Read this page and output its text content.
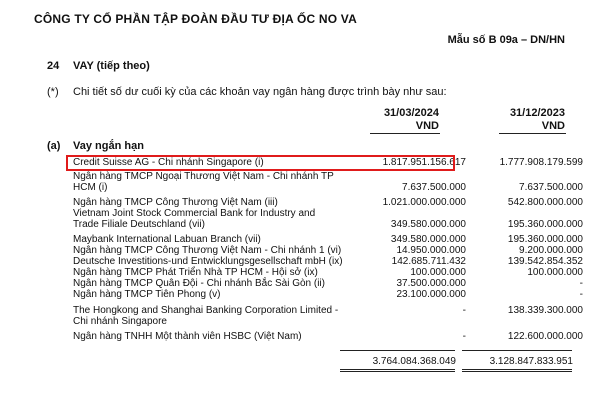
CÔNG TY CỔ PHẦN TẬP ĐOÀN ĐẦU TƯ ĐỊA ỐC NO VA
Mẫu số B 09a – DN/HN
24 VAY (tiếp theo)
(*) Chi tiết số dư cuối kỳ của các khoản vay ngân hàng được trình bày như sau:
31/03/2024
VND
31/12/2023
VND
(a) Vay ngắn hạn
Credit Suisse AG - Chi nhánh Singapore (i)	1.817.951.156.617	1.777.908.179.599
Ngân hàng TMCP Ngoại Thương Việt Nam - Chi nhánh TP HCM (i)	7.637.500.000	7.637.500.000
Ngân hàng TMCP Công Thương Việt Nam (iii)	1.021.000.000.000	542.800.000.000
Vietnam Joint Stock Commercial Bank for Industry and Trade Filiale Deutschland (vii)	349.580.000.000	195.360.000.000
Maybank International Labuan Branch (vii)	349.580.000.000	195.360.000.000
Ngân hàng TMCP Công Thương Việt Nam - Chi nhánh 1 (vi)	14.950.000.000	9.200.000.000
Deutsche Investitions-und Entwicklungsgesellschaft mbH (ix)	142.685.711.432	139.542.854.352
Ngân hàng TMCP Phát Triển Nhà TP HCM - Hội sở (ix)	100.000.000	100.000.000
Ngân hàng TMCP Quân Đội - Chi nhánh Bắc Sài Gòn (ii)	37.500.000.000	-
Ngân hàng TMCP Tiên Phong (v)	23.100.000.000	-
The Hongkong and Shanghai Banking Corporation Limited - Chi nhánh Singapore
-	138.339.300.000
Ngân hàng TNHH Một thành viên HSBC (Việt Nam)	-	122.600.000.000
3.764.084.368.049	3.128.847.833.951
